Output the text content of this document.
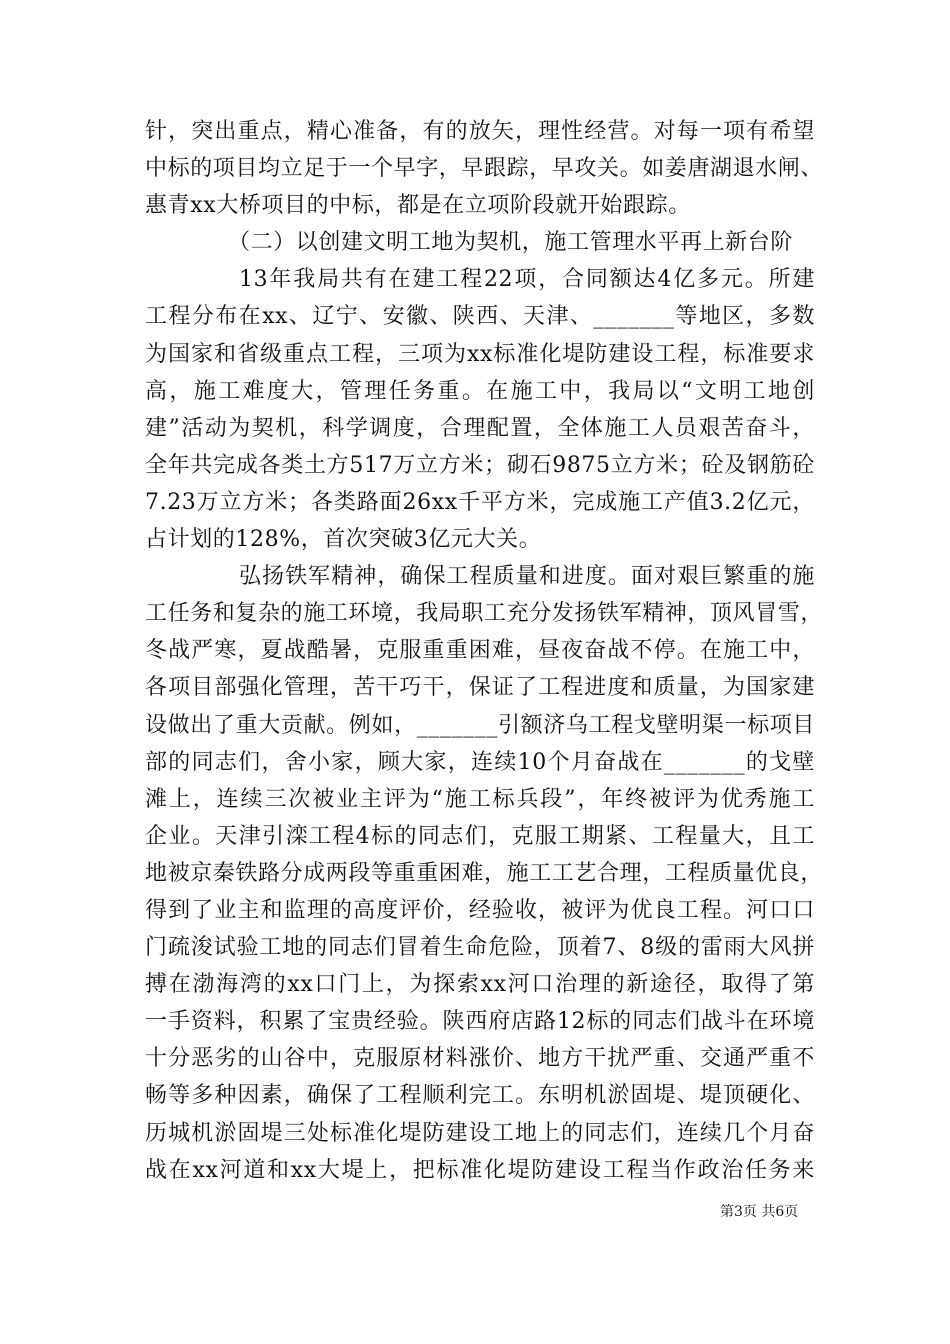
针，突出重点，精心准备，有的放矢，理性经营。对每一项有希望
中标的项目均立足于一个早字，早跟踪，早攻关。如姜唐湖退水闸、
惠青xx大桥项目的中标，都是在立项阶段就开始跟踪。
（二）以创建文明工地为契机，施工管理水平再上新台阶
13年我局共有在建工程22项，合同额达4亿多元。所建
工程分布在xx、辽宁、安徽、陕西、天津、_______等地区，多数
为国家和省级重点工程，三项为xx标准化堤防建设工程，标准要求
高，施工难度大，管理任务重。在施工中，我局以“文明工地创
建”活动为契机，科学调度，合理配置，全体施工人员艰苦奋斗，
全年共完成各类土方517万立方米；砌石9875立方米；砼及钢筋砼
7.23万立方米；各类路面26xx千平方米，完成施工产值3.2亿元，
占计划的128%，首次突破3亿元大关。
弘扬铁军精神，确保工程质量和进度。面对艰巨繁重的施
工任务和复杂的施工环境，我局职工充分发扬铁军精神，顶风冒雪，
冬战严寒，夏战酷暑，克服重重困难，昼夜奋战不停。在施工中，
各项目部强化管理，苦干巧干，保证了工程进度和质量，为国家建
设做出了重大贡献。例如，_______引额济乌工程戈壁明渠一标项目
部的同志们，舍小家，顾大家，连续10个月奋战在_______的戈壁
滩上，连续三次被业主评为“施工标兵段”，年终被评为优秀施工
企业。天津引滦工程4标的同志们，克服工期紧、工程量大，且工
地被京秦铁路分成两段等重重困难，施工工艺合理，工程质量优良，
得到了业主和监理的高度评价，经验收，被评为优良工程。河口口
门疏浚试验工地的同志们冒着生命危险，顶着7、8级的雷雨大风拼
搏在渤海湾的xx口门上，为探索xx河口治理的新途径，取得了第
一手资料，积累了宝贵经验。陕西府店路12标的同志们战斗在环境
十分恶劣的山谷中，克服原材料涨价、地方干扰严重、交通严重不
畅等多种因素，确保了工程顺利完工。东明机淤固堤、堤顶硬化、
历城机淤固堤三处标准化堤防建设工地上的同志们，连续几个月奋
战在xx河道和xx大堤上，把标准化堤防建设工程当作政治任务来
第3页 共6页
